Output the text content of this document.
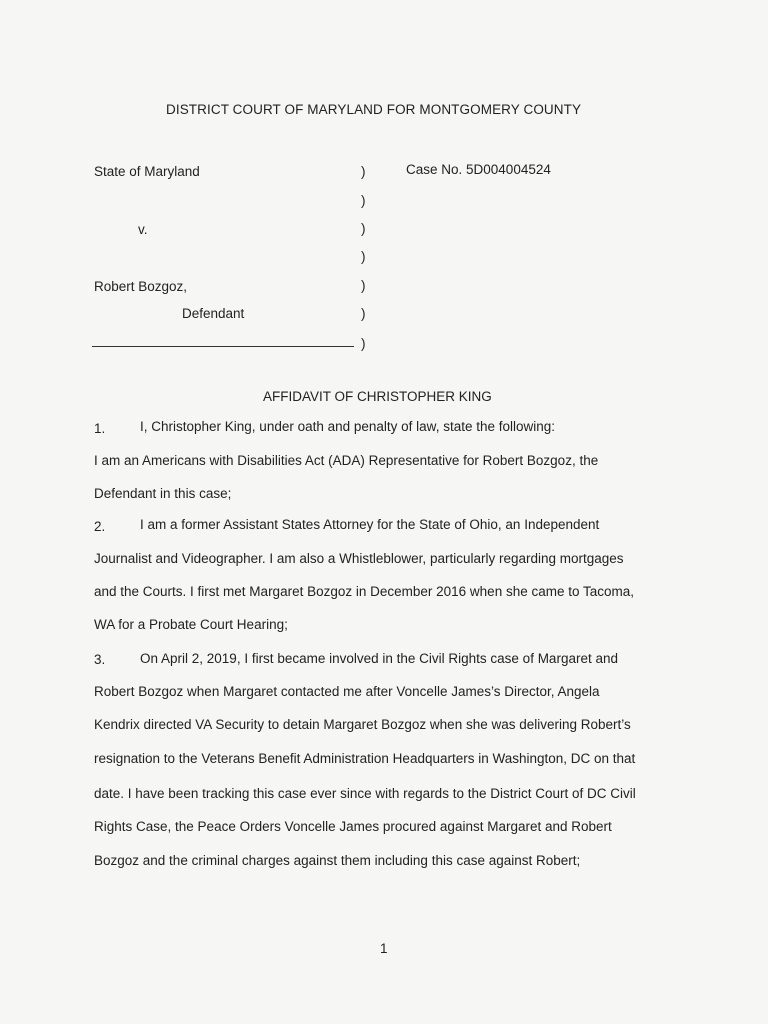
DISTRICT COURT OF MARYLAND FOR MONTGOMERY COUNTY
State of Maryland
v.
Robert Bozgoz,
Defendant
Case No. 5D004004524
)
)
)
)
)
)
)
AFFIDAVIT OF CHRISTOPHER KING
1.	I, Christopher King, under oath and penalty of law, state the following:
I am an Americans with Disabilities Act (ADA) Representative for Robert Bozgoz, the
Defendant in this case;
2.	I am a former Assistant States Attorney for the State of Ohio, an Independent
Journalist and Videographer. I am also a Whistleblower, particularly regarding mortgages
and the Courts. I first met Margaret Bozgoz in December 2016 when she came to Tacoma,
WA for a Probate Court Hearing;
3.	On April 2, 2019, I first became involved in the Civil Rights case of Margaret and
Robert Bozgoz when Margaret contacted me after Voncelle James’s Director, Angela
Kendrix directed VA Security to detain Margaret Bozgoz when she was delivering Robert’s
resignation to the Veterans Benefit Administration Headquarters in Washington, DC on that
date. I have been tracking this case ever since with regards to the District Court of DC Civil
Rights Case, the Peace Orders Voncelle James procured against Margaret and Robert
Bozgoz and the criminal charges against them including this case against Robert;
1
